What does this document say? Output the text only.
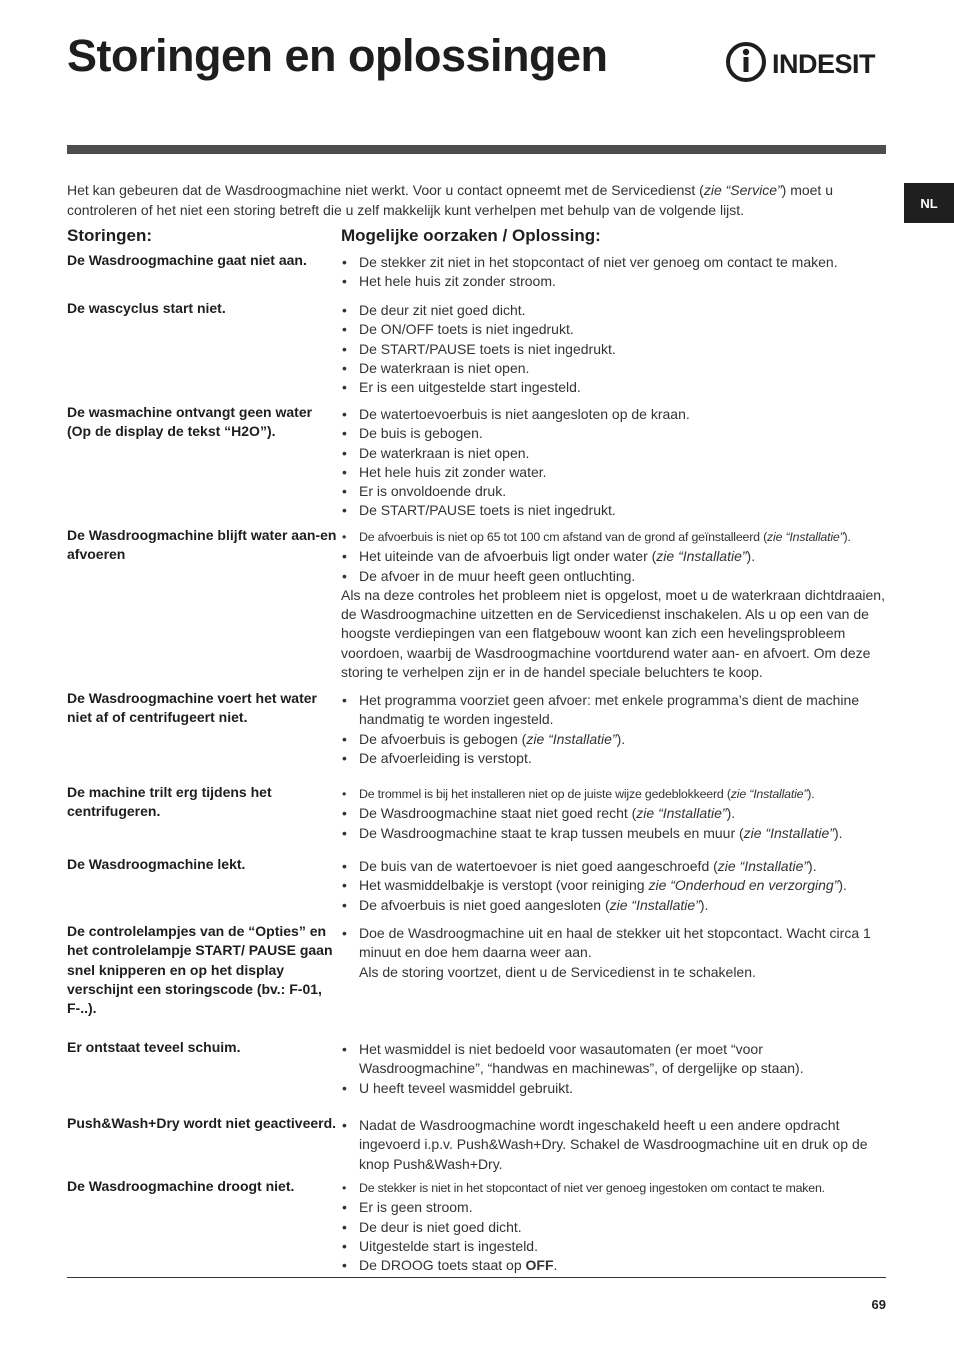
Storingen en oplossingen	INDESIT
NL

Het kan gebeuren dat de Wasdroogmachine niet werkt. Voor u contact opneemt met de Servicedienst (zie “Service”) moet u controleren of het niet een storing betreft die u zelf makkelijk kunt verhelpen met behulp van de volgende lijst.

Storingen:	Mogelijke oorzaken / Oplossing:
De Wasdroogmachine gaat niet aan.	• De stekker zit niet in het stopcontact of niet ver genoeg om contact te maken.
• Het hele huis zit zonder stroom.
De wascyclus start niet.	• De deur zit niet goed dicht.
• De ON/OFF toets is niet ingedrukt.
• De START/PAUSE toets is niet ingedrukt.
• De waterkraan is niet open.
• Er is een uitgestelde start ingesteld.
De wasmachine ontvangt geen water (Op de display de tekst “H2O”).
• De watertoevoerbuis is niet aangesloten op de kraan.
• De buis is gebogen.
• De waterkraan is niet open.
• Het hele huis zit zonder water.
• Er is onvoldoende druk.
• De START/PAUSE toets is niet ingedrukt.
De Wasdroogmachine blijft water aan-en afvoeren
• De afvoerbuis is niet op 65 tot 100 cm afstand van de grond af geïnstalleerd (zie “Installatie”).
• Het uiteinde van de afvoerbuis ligt onder water (zie “Installatie”).
• De afvoer in de muur heeft geen ontluchting.
Als na deze controles het probleem niet is opgelost, moet u de waterkraan dichtdraaien, de Wasdroogmachine uitzetten en de Servicedienst inschakelen. Als u op een van de hoogste verdiepingen van een flatgebouw woont kan zich een hevelingsprobleem voordoen, waarbij de Wasdroogmachine voortdurend water aan- en afvoert. Om deze storing te verhelpen zijn er in de handel speciale beluchters te koop.
De Wasdroogmachine voert het water niet af of centrifugeert niet.
• Het programma voorziet geen afvoer: met enkele programma’s dient de machine handmatig te worden ingesteld.
• De afvoerbuis is gebogen (zie “Installatie”).
• De afvoerleiding is verstopt.
De machine trilt erg tijdens het centrifugeren.
• De trommel is bij het installeren niet op de juiste wijze gedeblokkeerd (zie “Installatie”).
• De Wasdroogmachine staat niet goed recht (zie “Installatie”).
• De Wasdroogmachine staat te krap tussen meubels en muur (zie “Installatie”).
De Wasdroogmachine lekt.	• De buis van de watertoevoer is niet goed aangeschroefd (zie “Installatie”).
• Het wasmiddelbakje is verstopt (voor reiniging zie “Onderhoud en verzorging”).
• De afvoerbuis is niet goed aangesloten (zie “Installatie”).
De controlelampjes van de “Opties” en het controlelampje START/ PAUSE gaan snel knipperen en op het display verschijnt een storingscode (bv.: F-01, F-..).
• Doe de Wasdroogmachine uit en haal de stekker uit het stopcontact. Wacht circa 1 minuut en doe hem daarna weer aan.
Als de storing voortzet, dient u de Servicedienst in te schakelen.
Er ontstaat teveel schuim.	• Het wasmiddel is niet bedoeld voor wasautomaten (er moet “voor Wasdroogmachine”, “handwas en machinewas”, of dergelijke op staan).
• U heeft teveel wasmiddel gebruikt.
Push&Wash+Dry wordt niet geactiveerd.	• Nadat de Wasdroogmachine wordt ingeschakeld heeft u een andere opdracht ingevoerd i.p.v. Push&Wash+Dry. Schakel de Wasdroogmachine uit en druk op de knop Push&Wash+Dry.
De Wasdroogmachine droogt niet.	• De stekker is niet in het stopcontact of niet ver genoeg ingestoken om contact te maken.
• Er is geen stroom.
• De deur is niet goed dicht.
• Uitgestelde start is ingesteld.
• De DROOG toets staat op OFF.
69
